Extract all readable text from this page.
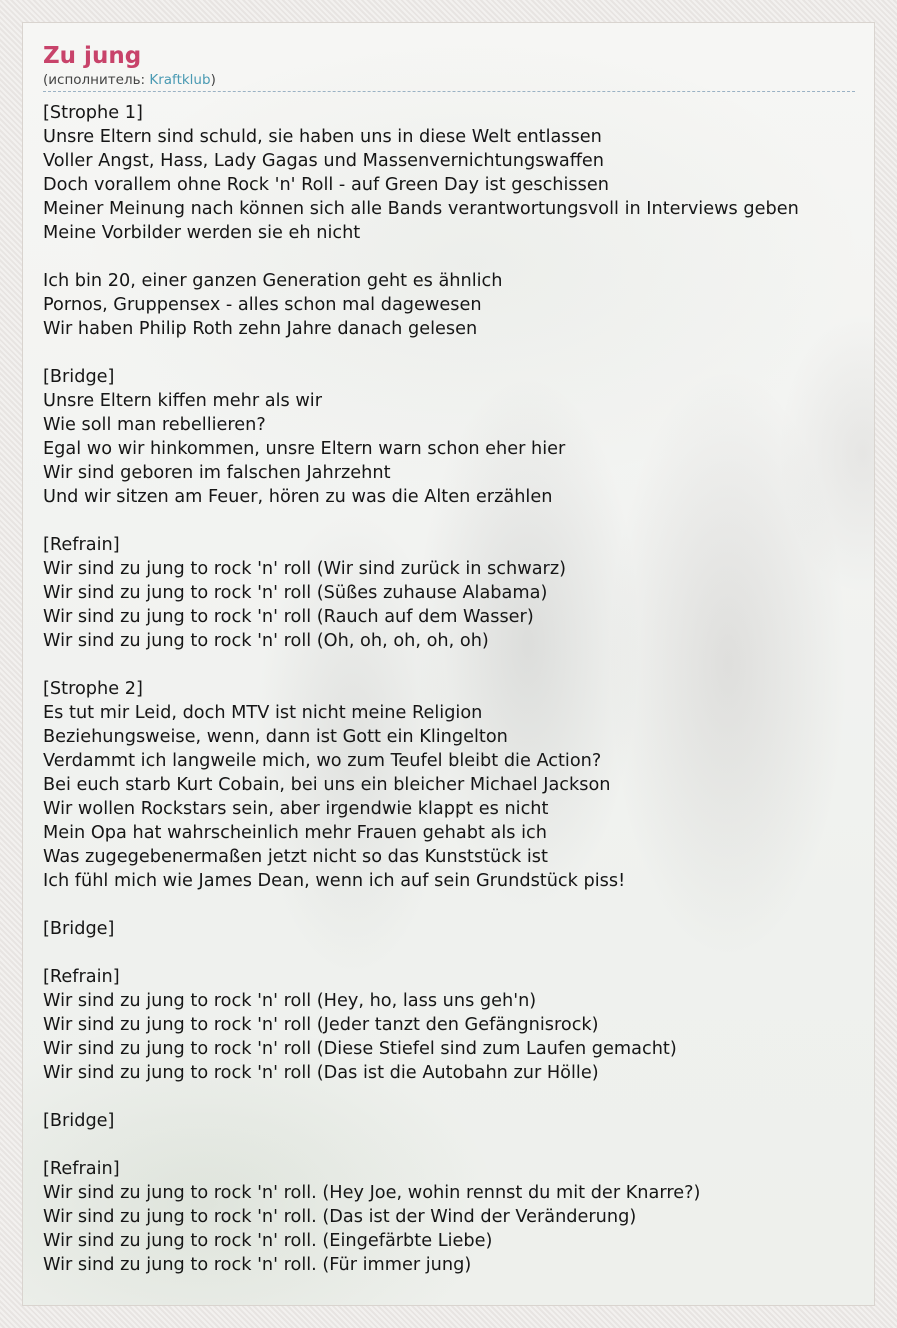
Zu jung

(исполнитель: Kraftklub)

[Strophe 1]
Unsre Eltern sind schuld, sie haben uns in diese Welt entlassen
Voller Angst, Hass, Lady Gagas und Massenvernichtungswaffen
Doch vorallem ohne Rock 'n' Roll - auf Green Day ist geschissen
Meiner Meinung nach können sich alle Bands verantwortungsvoll in Interviews geben
Meine Vorbilder werden sie eh nicht
Ich bin 20, einer ganzen Generation geht es ähnlich
Pornos, Gruppensex - alles schon mal dagewesen
Wir haben Philip Roth zehn Jahre danach gelesen
[Bridge]
Unsre Eltern kiffen mehr als wir
Wie soll man rebellieren?
Egal wo wir hinkommen, unsre Eltern warn schon eher hier
Wir sind geboren im falschen Jahrzehnt
Und wir sitzen am Feuer, hören zu was die Alten erzählen
[Refrain]
Wir sind zu jung to rock 'n' roll (Wir sind zurück in schwarz)
Wir sind zu jung to rock 'n' roll (Süßes zuhause Alabama)
Wir sind zu jung to rock 'n' roll (Rauch auf dem Wasser)
Wir sind zu jung to rock 'n' roll (Oh, oh, oh, oh, oh)
[Strophe 2]
Es tut mir Leid, doch MTV ist nicht meine Religion
Beziehungsweise, wenn, dann ist Gott ein Klingelton
Verdammt ich langweile mich, wo zum Teufel bleibt die Action?
Bei euch starb Kurt Cobain, bei uns ein bleicher Michael Jackson
Wir wollen Rockstars sein, aber irgendwie klappt es nicht
Mein Opa hat wahrscheinlich mehr Frauen gehabt als ich
Was zugegebenermaßen jetzt nicht so das Kunststück ist
Ich fühl mich wie James Dean, wenn ich auf sein Grundstück piss!
[Bridge]
[Refrain]
Wir sind zu jung to rock 'n' roll (Hey, ho, lass uns geh'n)
Wir sind zu jung to rock 'n' roll (Jeder tanzt den Gefängnisrock)
Wir sind zu jung to rock 'n' roll (Diese Stiefel sind zum Laufen gemacht)
Wir sind zu jung to rock 'n' roll (Das ist die Autobahn zur Hölle)
[Bridge]
[Refrain]
Wir sind zu jung to rock 'n' roll. (Hey Joe, wohin rennst du mit der Knarre?)
Wir sind zu jung to rock 'n' roll. (Das ist der Wind der Veränderung)
Wir sind zu jung to rock 'n' roll. (Eingefärbte Liebe)
Wir sind zu jung to rock 'n' roll. (Für immer jung)
